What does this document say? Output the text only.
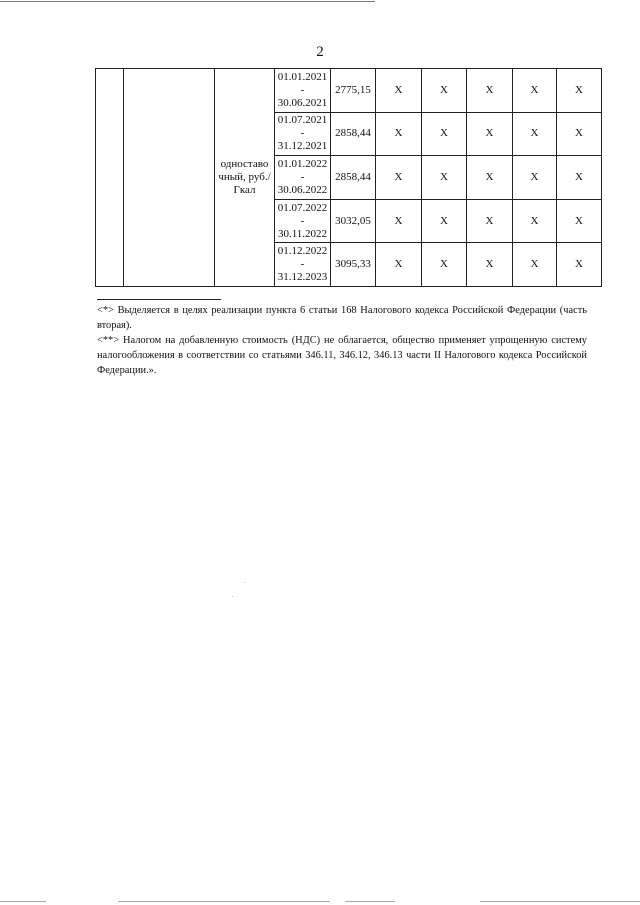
2
		одноставо чный, руб./Гкал	01.01.2021
-
30.06.2021	2775,15	X	X	X	X	X

			01.07.2021
-
31.12.2021	2858,44	X	X	X	X	X

			01.01.2022
-
30.06.2022	2858,44	X	X	X	X	X

			01.07.2022
-
30.11.2022	3032,05	X	X	X	X	X

			01.12.2022
-
31.12.2023	3095,33	X	X	X	X	X

<*> Выделяется в целях реализации пункта 6 статьи 168 Налогового кодекса Российской Федерации (часть вторая).

<**> Налогом на добавленную стоимость (НДС) не облагается, общество применяет упрощенную систему налогообложения в соответствии со статьями 346.11, 346.12, 346.13 части II Налогового кодекса Российской Федерации.».
